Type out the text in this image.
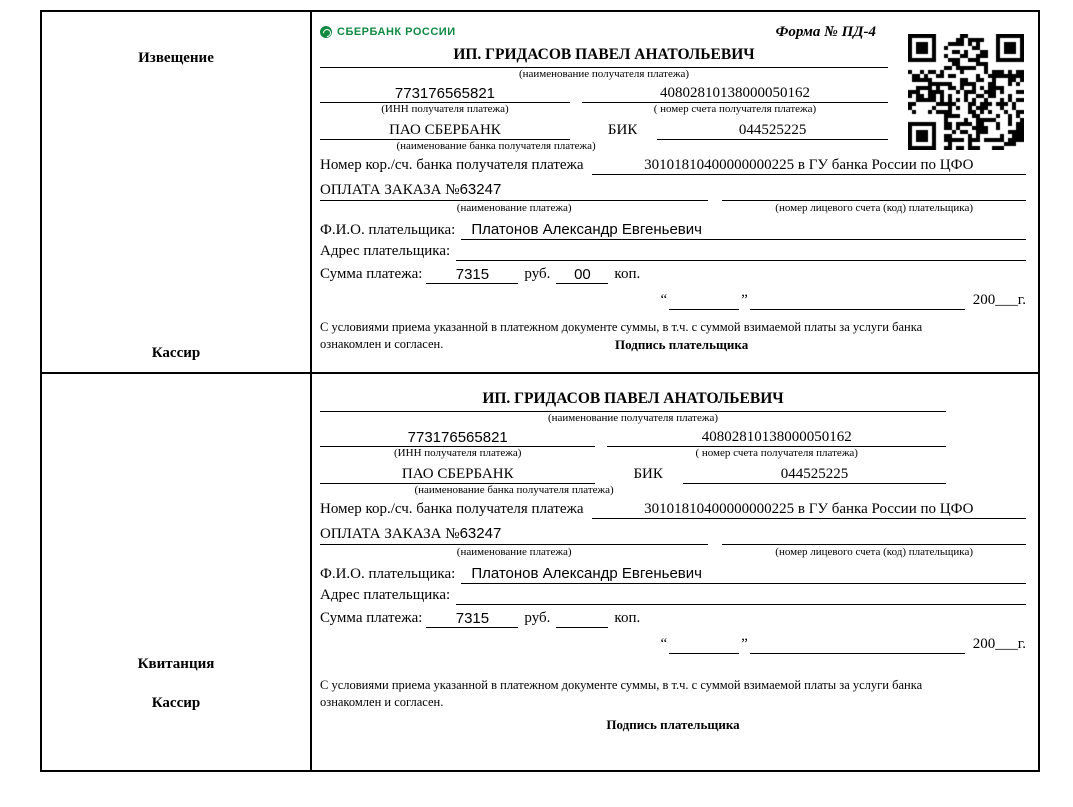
Извещение
Кассир
СБЕРБАНК РОССИИ	Форма № ПД-4
ИП. ГРИДАСОВ ПАВЕЛ АНАТОЛЬЕВИЧ
(наименование получателя платежа)
773176565821	40802810138000050162
(ИНН получателя платежа)	( номер счета получателя платежа)
ПАО СБЕРБАНК	БИК	044525225
(наименование банка получателя платежа)
Номер кор./сч. банка получателя платежа	30101810400000000225 в ГУ банка России по ЦФО
ОПЛАТА ЗАКАЗА №63247
(наименование платежа)	(номер лицевого счета (код) плательщика)
Ф.И.О. плательщика:	Платонов Александр Евгеньевич
Адрес плательщика:
Сумма платежа:	7315	руб.	00	коп.
“	”	200___г.
С условиями приема указанной в платежном документе суммы, в т.ч. с суммой взимаемой платы за услуги банка ознакомлен и согласен.	Подпись плательщика
Квитанция
Кассир
ИП. ГРИДАСОВ ПАВЕЛ АНАТОЛЬЕВИЧ
(наименование получателя платежа)
773176565821	40802810138000050162
(ИНН получателя платежа)	( номер счета получателя платежа)
ПАО СБЕРБАНК	БИК	044525225
(наименование банка получателя платежа)
Номер кор./сч. банка получателя платежа	30101810400000000225 в ГУ банка России по ЦФО
ОПЛАТА ЗАКАЗА №63247
(наименование платежа)	(номер лицевого счета (код) плательщика)
Ф.И.О. плательщика:	Платонов Александр Евгеньевич
Адрес плательщика:
Сумма платежа:	7315	руб.	коп.
“	”	200___г.
С условиями приема указанной в платежном документе суммы, в т.ч. с суммой взимаемой платы за услуги банка ознакомлен и согласен.
Подпись плательщика
